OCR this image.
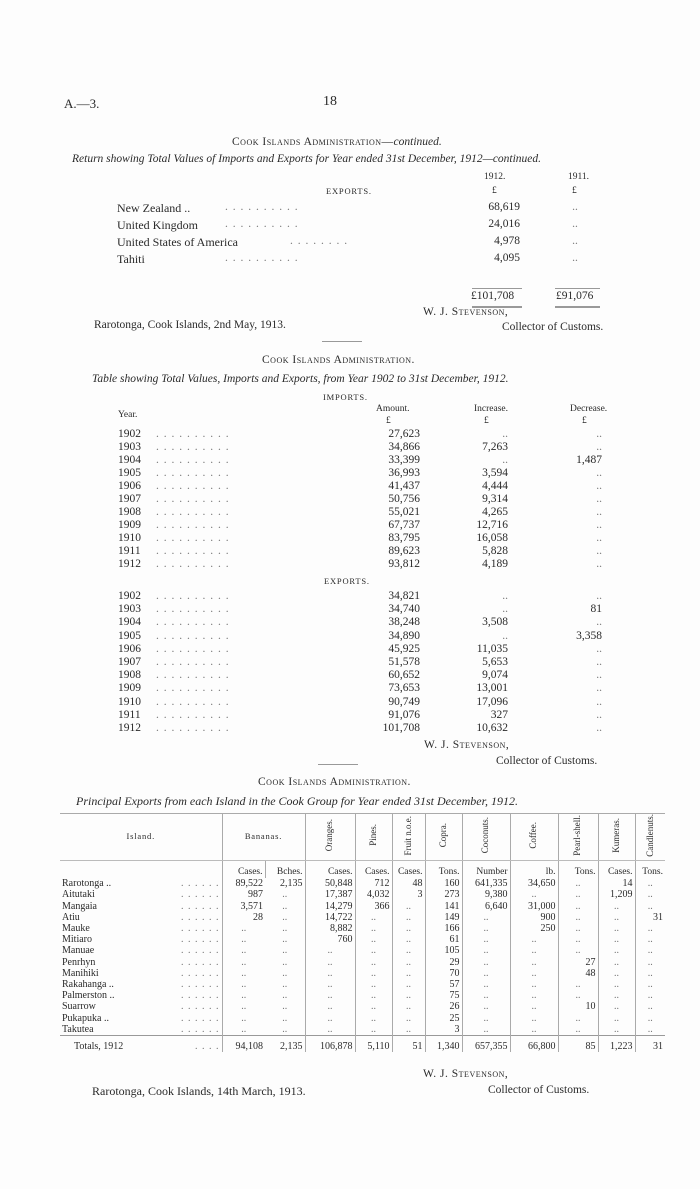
A.—3.	18
Cook Islands Administration—continued.
Return showing Total Values of Imports and Exports for Year ended 31st December, 1912—continued.
EXPORTS.
1912.	1911.
£	£
New Zealand ..	. . . . . . . . . .	68,619	..
United Kingdom . . . . . . . . . .	24,016	..
United States of America	. . . . . . . .	4,978	..
Tahiti	. . . . . . . . . .	4,095	..
£101,708	£91,076
W. J. Stevenson,
Collector of Customs.
Rarotonga, Cook Islands, 2nd May, 1913.
Cook Islands Administration.
Table showing Total Values, Imports and Exports, from Year 1902 to 31st December, 1912.
IMPORTS.
Year.
Amount.	Increase.	Decrease.
£	£	£
1902 . . . . . . . . . .	27,623	..	..
1903 . . . . . . . . . .	34,866	7,263	..
1904 . . . . . . . . . .	33,399	..	1,487
1905 . . . . . . . . . .	36,993	3,594	..
1906 . . . . . . . . . .	41,437	4,444	..
1907 . . . . . . . . . .	50,756	9,314	..
1908 . . . . . . . . . .	55,021	4,265	..
1909 . . . . . . . . . .	67,737	12,716	..
1910 . . . . . . . . . .	83,795	16,058	..
1911 . . . . . . . . . .	89,623	5,828	..
1912 . . . . . . . . . .	93,812	4,189	..
EXPORTS.
1902 . . . . . . . . . .	34,821	..	..
1903 . . . . . . . . . .	34,740	..	81
1904 . . . . . . . . . .	38,248	3,508	..
1905 . . . . . . . . . .	34,890	..	3,358
1906 . . . . . . . . . .	45,925	11,035	..
1907 . . . . . . . . . .	51,578	5,653	..
1908 . . . . . . . . . .	60,652	9,074	..
1909 . . . . . . . . . .	73,653	13,001	..
1910 . . . . . . . . . .	90,749	17,096	..
1911 . . . . . . . . . .	91,076	327	..
1912 . . . . . . . . . .	101,708	10,632	..
W. J. Stevenson,
Collector of Customs.
Cook Islands Administration.
Principal Exports from each Island in the Cook Group for Year ended 31st December, 1912.
Island.	Bananas.		Oranges.	Pines.	Fruit n.o.e.	Copra.	Coconuts.	Coffee.	Pearl-shell.	Kumeras.	Candlenuts.
	Cases.	Bches.	Cases.	Cases.	Cases.	Tons.	Number	lb.	Tons.	Cases.	Tons.
Rarotonga .. . . . . . .	89,522	2,135	50,848	712	48	160	641,335	34,650	..	14	..
Aitutaki . . . . . .	987	..	17,387	4,032	3	273	9,380	..	..	1,209	..
Mangaia . . . . . .	3,571	..	14,279	366	..	141	6,640	31,000	..	..	..
Atiu . . . . . .	28	..	14,722	..	..	149	..	900	..	..	31
Mauke . . . . . .	..	..	8,882	..	..	166	..	250	..	..	..
Mitiaro . . . . . .	..	..	760	..	..	61	..	..	..	..	..
Manuae . . . . . .	..	..	..	..	..	105	..	..	..	..	..
Penrhyn . . . . . .	..	..	..	..	..	29	..	..	27	..	..
Manihiki . . . . . .	..	..	..	..	..	70	..	..	48	..	..
Rakahanga .. . . . . . .	..	..	..	..	..	57	..	..	..	..	..
Palmerston .. . . . . . .	..	..	..	..	..	75	..	..	..	..	..
Suarrow . . . . . .	..	..	..	..	..	26	..	..	10	..	..
Pukapuka .. . . . . . .	..	..	..	..	..	25	..	..	..	..	..
Takutea . . . . . .	..	..	..	..	..	3	..	..	..	..	..
Totals, 1912 . . . .	94,108	2,135	106,878	5,110	51	1,340	657,355	66,800	85	1,223	31
W. J. Stevenson,
Collector of Customs.
Rarotonga, Cook Islands, 14th March, 1913.
